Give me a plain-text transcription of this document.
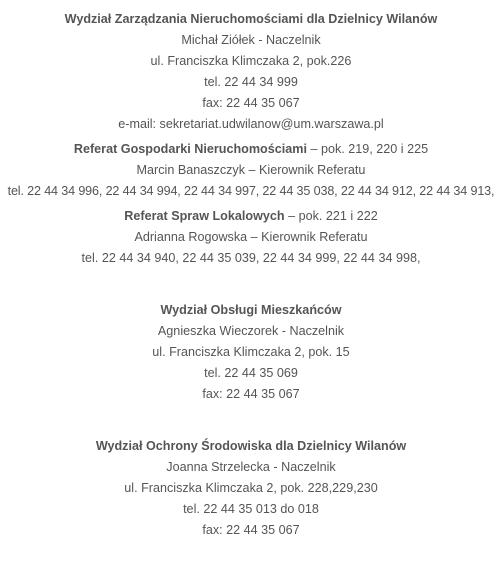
Wydział Zarządzania Nieruchomościami dla Dzielnicy Wilanów
Michał Ziółek - Naczelnik
ul. Franciszka Klimczaka 2, pok.226
tel. 22 44 34 999
fax: 22 44 35 067
e-mail: sekretariat.udwilanow@um.warszawa.pl
Referat Gospodarki Nieruchomościami – pok. 219, 220 i 225
Marcin Banaszczyk – Kierownik Referatu
tel. 22 44 34 996, 22 44 34 994, 22 44 34 997, 22 44 35 038, 22 44 34 912, 22 44 34 913,
Referat Spraw Lokalowych – pok. 221 i 222
Adrianna Rogowska – Kierownik Referatu
tel. 22 44 34 940, 22 44 35 039, 22 44 34 999, 22 44 34 998,
Wydział Obsługi Mieszkańców
Agnieszka Wieczorek - Naczelnik
ul. Franciszka Klimczaka 2, pok. 15
tel. 22 44 35 069
fax: 22 44 35 067
Wydział Ochrony Środowiska dla Dzielnicy Wilanów
Joanna Strzelecka - Naczelnik
ul. Franciszka Klimczaka 2, pok. 228,229,230
tel. 22 44 35 013 do 018
fax: 22 44 35 067
